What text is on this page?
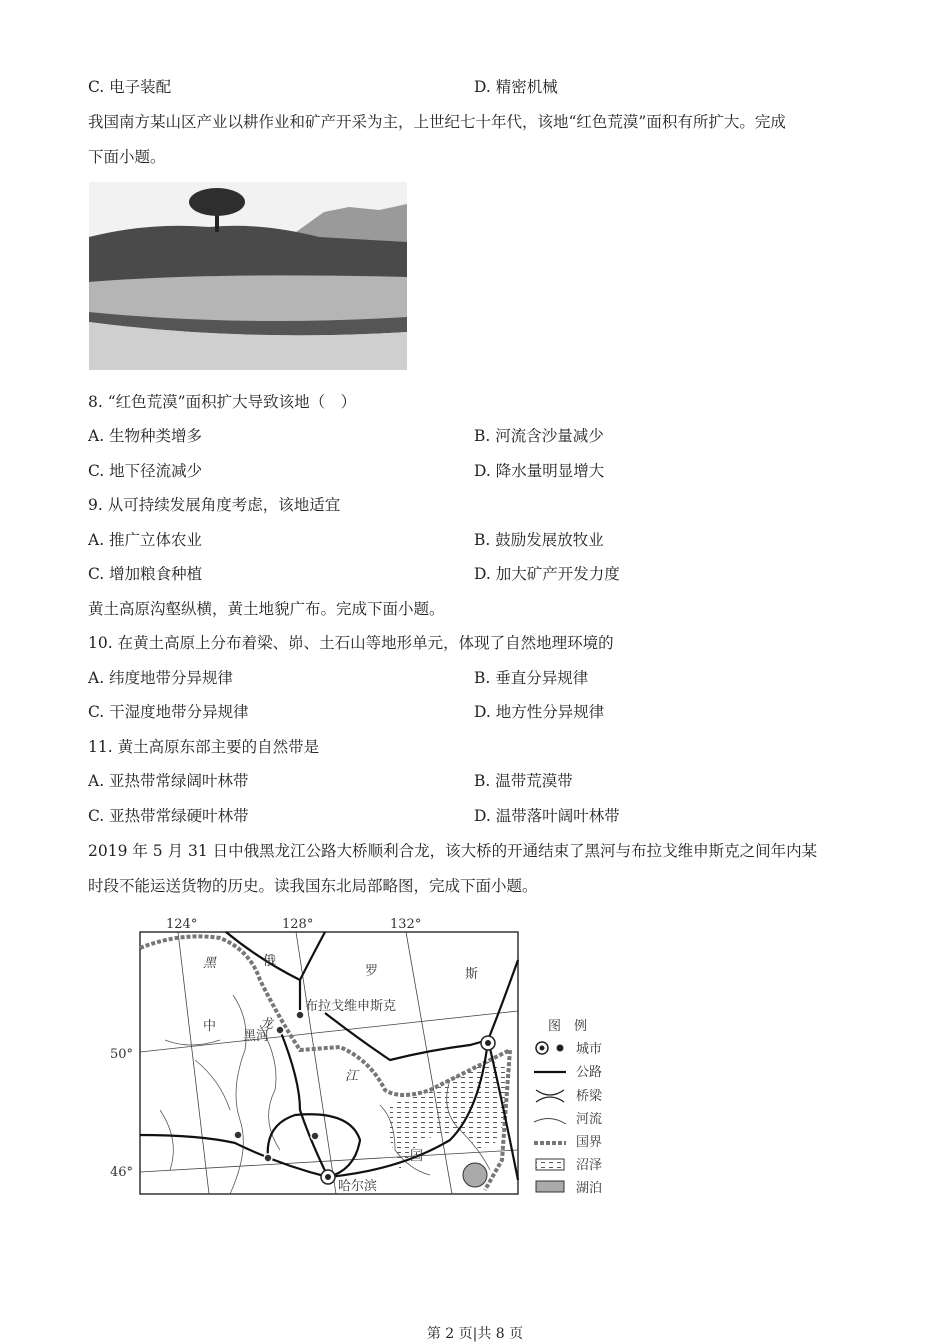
C. 电子装配	D. 精密机械
我国南方某山区产业以耕作业和矿产开采为主，上世纪七十年代，该地“红色荒漠”面积有所扩大。完成
下面小题。
8. “红色荒漠”面积扩大导致该地（　）
A. 生物种类增多	B. 河流含沙量减少
C. 地下径流减少	D. 降水量明显增大
9. 从可持续发展角度考虑，该地适宜
A. 推广立体农业	B. 鼓励发展放牧业
C. 增加粮食种植	D. 加大矿产开发力度
黄土高原沟壑纵横，黄土地貌广布。完成下面小题。
10. 在黄土高原上分布着梁、峁、土石山等地形单元，体现了自然地理环境的
A. 纬度地带分异规律	B. 垂直分异规律
C. 干湿度地带分异规律	D. 地方性分异规律
11. 黄土高原东部主要的自然带是
A. 亚热带常绿阔叶林带	B. 温带荒漠带
C. 亚热带常绿硬叶林带	D. 温带落叶阔叶林带
2019 年 5 月 31 日中俄黑龙江公路大桥顺利合龙，该大桥的开通结束了黑河与布拉戈维申斯克之间年内某
时段不能运送货物的历史。读我国东北局部略图，完成下面小题。
124°	128°	132°
50°
46°
俄
罗	斯
中
国
黑
龙
江
布拉戈维申斯克
黑河
哈尔滨
图　例
城市
公路
桥梁
河流
国界
沼泽
湖泊
第 2 页|共 8 页
